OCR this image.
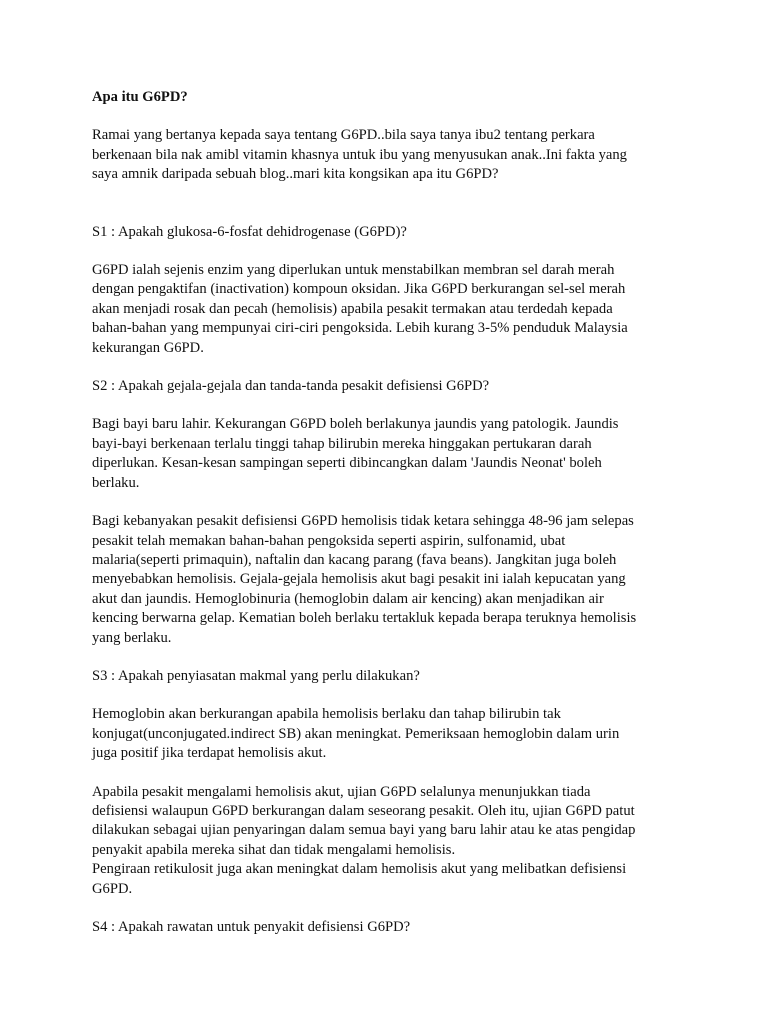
Apa itu G6PD?

Ramai yang bertanya kepada saya tentang G6PD..bila saya tanya ibu2 tentang perkara
berkenaan bila nak amibl vitamin khasnya untuk ibu yang menyusukan anak..Ini fakta yang
saya amnik daripada sebuah blog..mari kita kongsikan apa itu G6PD?

S1 : Apakah glukosa-6-fosfat dehidrogenase (G6PD)?

G6PD ialah sejenis enzim yang diperlukan untuk menstabilkan membran sel darah merah
dengan pengaktifan (inactivation) kompoun oksidan. Jika G6PD berkurangan sel-sel merah
akan menjadi rosak dan pecah (hemolisis) apabila pesakit termakan atau terdedah kepada
bahan-bahan yang mempunyai ciri-ciri pengoksida. Lebih kurang 3-5% penduduk Malaysia
kekurangan G6PD.

S2 : Apakah gejala-gejala dan tanda-tanda pesakit defisiensi G6PD?

Bagi bayi baru lahir. Kekurangan G6PD boleh berlakunya jaundis yang patologik. Jaundis
bayi-bayi berkenaan terlalu tinggi tahap bilirubin mereka hinggakan pertukaran darah
diperlukan. Kesan-kesan sampingan seperti dibincangkan dalam 'Jaundis Neonat' boleh
berlaku.

Bagi kebanyakan pesakit defisiensi G6PD hemolisis tidak ketara sehingga 48-96 jam selepas
pesakit telah memakan bahan-bahan pengoksida seperti aspirin, sulfonamid, ubat
malaria(seperti primaquin), naftalin dan kacang parang (fava beans). Jangkitan juga boleh
menyebabkan hemolisis. Gejala-gejala hemolisis akut bagi pesakit ini ialah kepucatan yang
akut dan jaundis. Hemoglobinuria (hemoglobin dalam air kencing) akan menjadikan air
kencing berwarna gelap. Kematian boleh berlaku tertakluk kepada berapa teruknya hemolisis
yang berlaku.

S3 : Apakah penyiasatan makmal yang perlu dilakukan?

Hemoglobin akan berkurangan apabila hemolisis berlaku dan tahap bilirubin tak
konjugat(unconjugated.indirect SB) akan meningkat. Pemeriksaan hemoglobin dalam urin
juga positif jika terdapat hemolisis akut.

Apabila pesakit mengalami hemolisis akut, ujian G6PD selalunya menunjukkan tiada
defisiensi walaupun G6PD berkurangan dalam seseorang pesakit. Oleh itu, ujian G6PD patut
dilakukan sebagai ujian penyaringan dalam semua bayi yang baru lahir atau ke atas pengidap
penyakit apabila mereka sihat dan tidak mengalami hemolisis.
Pengiraan retikulosit juga akan meningkat dalam hemolisis akut yang melibatkan defisiensi
G6PD.

S4 : Apakah rawatan untuk penyakit defisiensi G6PD?
